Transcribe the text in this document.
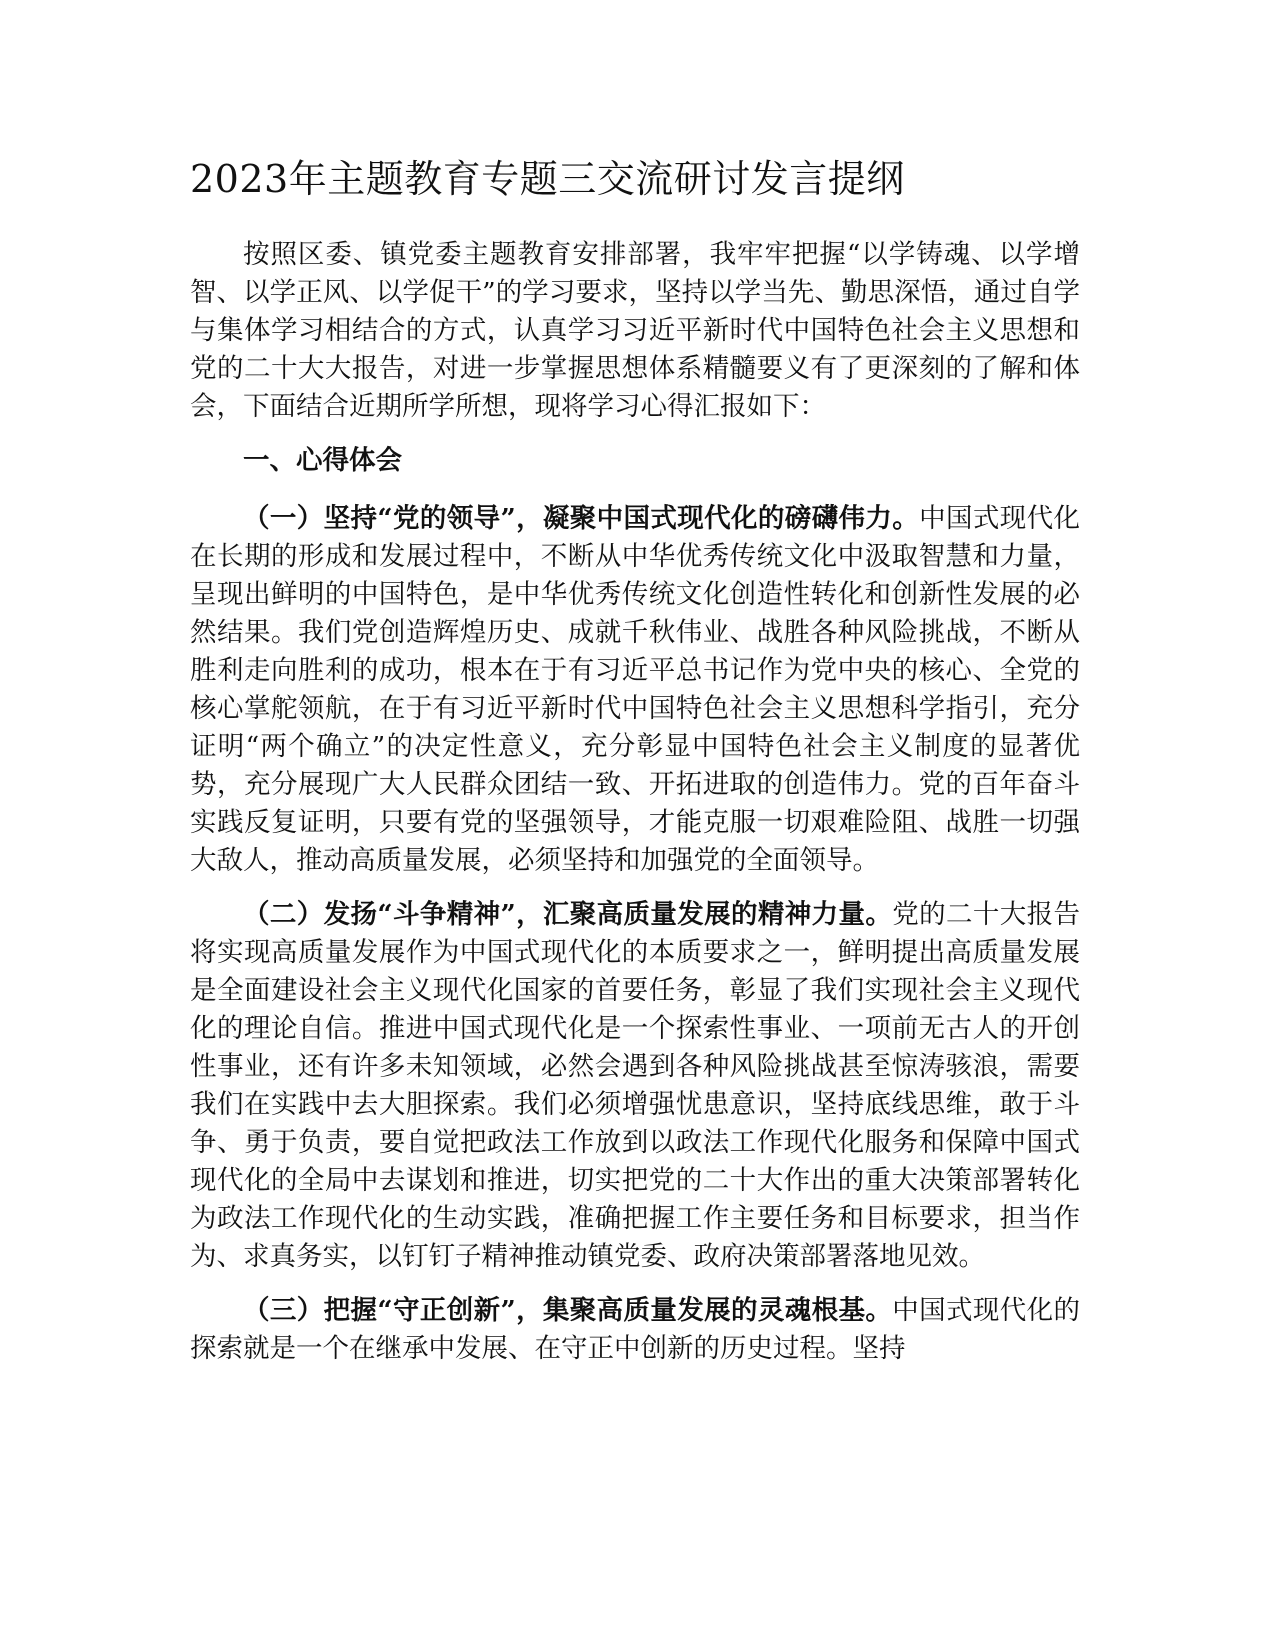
2023年主题教育专题三交流研讨发言提纲

按照区委、镇党委主题教育安排部署，我牢牢把握“以学铸魂、以学增智、以学正风、以学促干”的学习要求，坚持以学当先、勤思深悟，通过自学与集体学习相结合的方式，认真学习习近平新时代中国特色社会主义思想和党的二十大大报告，对进一步掌握思想体系精髓要义有了更深刻的了解和体会，下面结合近期所学所想，现将学习心得汇报如下：

一、心得体会

（一）坚持“党的领导”，凝聚中国式现代化的磅礴伟力。中国式现代化在长期的形成和发展过程中，不断从中华优秀传统文化中汲取智慧和力量，呈现出鲜明的中国特色，是中华优秀传统文化创造性转化和创新性发展的必然结果。我们党创造辉煌历史、成就千秋伟业、战胜各种风险挑战，不断从胜利走向胜利的成功，根本在于有习近平总书记作为党中央的核心、全党的核心掌舵领航，在于有习近平新时代中国特色社会主义思想科学指引，充分证明“两个确立”的决定性意义，充分彰显中国特色社会主义制度的显著优势，充分展现广大人民群众团结一致、开拓进取的创造伟力。党的百年奋斗实践反复证明，只要有党的坚强领导，才能克服一切艰难险阻、战胜一切强大敌人，推动高质量发展，必须坚持和加强党的全面领导。

（二）发扬“斗争精神”，汇聚高质量发展的精神力量。党的二十大报告将实现高质量发展作为中国式现代化的本质要求之一，鲜明提出高质量发展是全面建设社会主义现代化国家的首要任务，彰显了我们实现社会主义现代化的理论自信。推进中国式现代化是一个探索性事业、一项前无古人的开创性事业，还有许多未知领域，必然会遇到各种风险挑战甚至惊涛骇浪，需要我们在实践中去大胆探索。我们必须增强忧患意识，坚持底线思维，敢于斗争、勇于负责，要自觉把政法工作放到以政法工作现代化服务和保障中国式现代化的全局中去谋划和推进，切实把党的二十大作出的重大决策部署转化为政法工作现代化的生动实践，准确把握工作主要任务和目标要求，担当作为、求真务实，以钉钉子精神推动镇党委、政府决策部署落地见效。

（三）把握“守正创新”，集聚高质量发展的灵魂根基。中国式现代化的探索就是一个在继承中发展、在守正中创新的历史过程。坚持
